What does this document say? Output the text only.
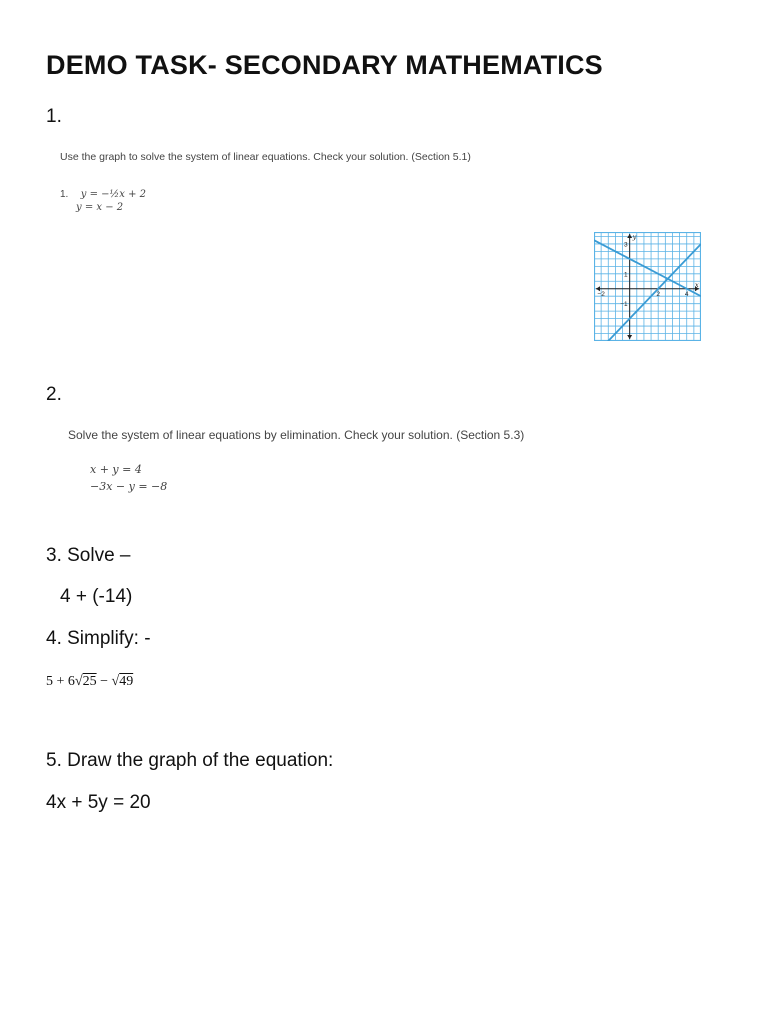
DEMO TASK- SECONDARY MATHEMATICS
1.
Use the graph to solve the system of linear equations. Check your solution. (Section 5.1)
1. y = −½x + 2
y = x − 2
−2	2	4
3
1
−1
x
y
2.
Solve the system of linear equations by elimination. Check your solution. (Section 5.3)
x + y = 4
−3x − y = −8
3. Solve –
4 + (-14)
4. Simplify: -
5 + 6√25 − √49
5. Draw the graph of the equation:
4x + 5y = 20
